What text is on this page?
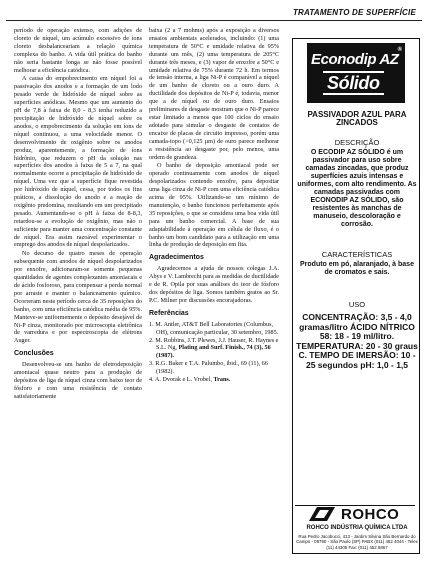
TRATAMENTO DE SUPERFÍCIE

período de operação extenso, com adições de cloreto de níquel, um acúmulo excessivo de íons cloreto desbalanceariam a relação química complexa do banho. A vida útil prática do banho não seria bastante longa se não fosse possível melhorar a eficiência catódica.

A causa do empobrecimento em níquel foi a passivação dos anodos e a formação de um lodo pesado verde de hidróxido de níquel sobre as superfícies anódicas. Mesmo que um aumento do pH de 7,8 à faixa de 8,0 - 8,3 tenha reduzido a precipitação de hidróxido de níquel sobre os anodos, o empobrecimento da solução em íons de níquel continuou, a uma velocidade menor. O desenvolvimento de oxigênio sobre os anodos produz, aparentemente, a formação de íons hidrônio, que reduzem o pH da solução nas superfícies dos anodos à faixa de 5 a 7, na qual normalmente ocorre a precipitação de hidróxido de níquel. Uma vez que a superfície fique revestida por hidróxido de níquel, cessa, por todos os fins práticos, a dissolução do anodo e a reação de oxigênio predomina, resultando em um precipitado pesado. Aumentando-se o pH à faixa de 8-8,3, retardou-se a evolução de oxigênio, mas não o suficiente para manter uma concentração constante de níquel. Era assim razoável experimentar o emprego dos anodos de níquel despolarizados.

No decurso de quatro meses de operação subsequente com anodos de níquel despolarizados por enxofre, adicionaram-se somente pequenas quantidades de agentes complexantes amoniacais e de ácido fosforoso, para compensar a perda normal por arraste e manter o balanceamento químico. Ocorreram neste período cerca de 35 reposições do banho, com uma eficiência catódica média de 95%. Manteve-se uniformemente o depósito desejável de Ni-P cinza, monitorado por microscopia eletrônica de varredura e por espectroscopia de elétrons Auger.

Conclusões

Desenvolveu-se um banho de eletrodeposição amoniacal quase neutro para a produção de depósitos de liga de níquel cinza com baixo teor de fósforo e com uma resistência de contato satisfatoriamente

baixa (2 a 7 mohms) após a exposição a diversos ensaios ambientais acelerados, incluindo: (1) uma temperatura de 50°C e umidade relativa de 95% durante um mês, (2) uma temperatura de 205°C durante três meses, e (3) vapor de enxofre a 50°C e umidade relativa de 75% durante 72 h. Em termos de tensão interna, a liga Ni-P é comparável a níquel de um banho de cloreto ou a ouro duro. A ductilidade dos depósitos de Ni-P é, todavia, menor que a de níquel ou de ouro duro. Ensaios preliminares de desgaste mostram que o Ni-P parece estar limitado a menos que 100 ciclos do ensaio adotado para simular o desgaste de contatos de encaixe de placas de circuito impresso, porém uma camada-topo (>0,125 µm) de ouro parece melhorar a resistência ao desgaste por, pelo menos, uma ordem de grandeza.

O banho de deposição amoniacal pode ser operado continuamente com anodos de níquel despolarizados contendo enxofre, para depositar uma liga cinza de Ni-P com uma eficiência catódica acima de 95%. Utilizando-se um mínimo de manutenção, o banho funcionou perfeitamente após 35 reposições, o que se considera uma boa vida útil para um banho comercial. A base de sua adaptabilidade à operação em célula de fluxo, é o banho um bom candidato para a utilização em uma linha de produção de deposição em fita.

Agradecimentos

Agradecemos a ajuda de nossos colegas J.A. Abys e V. Lambrecht para as medidas de ductilidade e de R. Opila por suas análises do teor de fósforo dos depósitos de liga. Somos também gratos ao Sr. P.C. Milner por discussões encorajadoras.

Referências
1. M. Antler, AT&T Bell Laboratories (Columbus, OH), comunicação particular, 30 setembro, 1985.
2. M. Robbins, J.T. Plewes, J.J. Hauser, R. Haynes e S.L. Ng, Plating and Surf. Finish., 74 (3), 56 (1987).
3. R.G. Baker e T.A. Palumbo, ibid., 69 (11), 66 (1982).
4. A. Dvorak e L. Vrobel, Trans.
Econodip AZ
Sólido
®
PASSIVADOR AZUL PARA ZINCADOS
DESCRIÇÃO
O ECODIP AZ SÓLIDO é um passivador para uso sobre camadas zincadas, que produz superfícies azuis intensas e uniformes, com alto rendimento. As camadas passivadas com ECONODIP AZ SÓLIDO, são resistentes às manchas de manuseio, descoloração e corrosão.
CARACTERÍSTICAS
Produto em pó, alaranjado, à base de cromatos e sais.
USO
CONCENTRAÇÃO: 3,5 - 4,0 gramas/litro ÁCIDO NÍTRICO 58: 18 - 19 ml/litro. TEMPERATURA: 20 - 30 graus C. TEMPO DE IMERSÃO: 10 - 25 segundos pH: 1,0 - 1,5
ROHCO
ROHCO INDÚSTRIA QUÍMICA LTDA
Rua Pedro Jacobucci, 413 - Jardim Silvina São Bernardo do Campo - 09790 - São Paulo (SP) PABX (011) 452 4044 - Telex (11) 44305 Fax: (011) 452 6867
